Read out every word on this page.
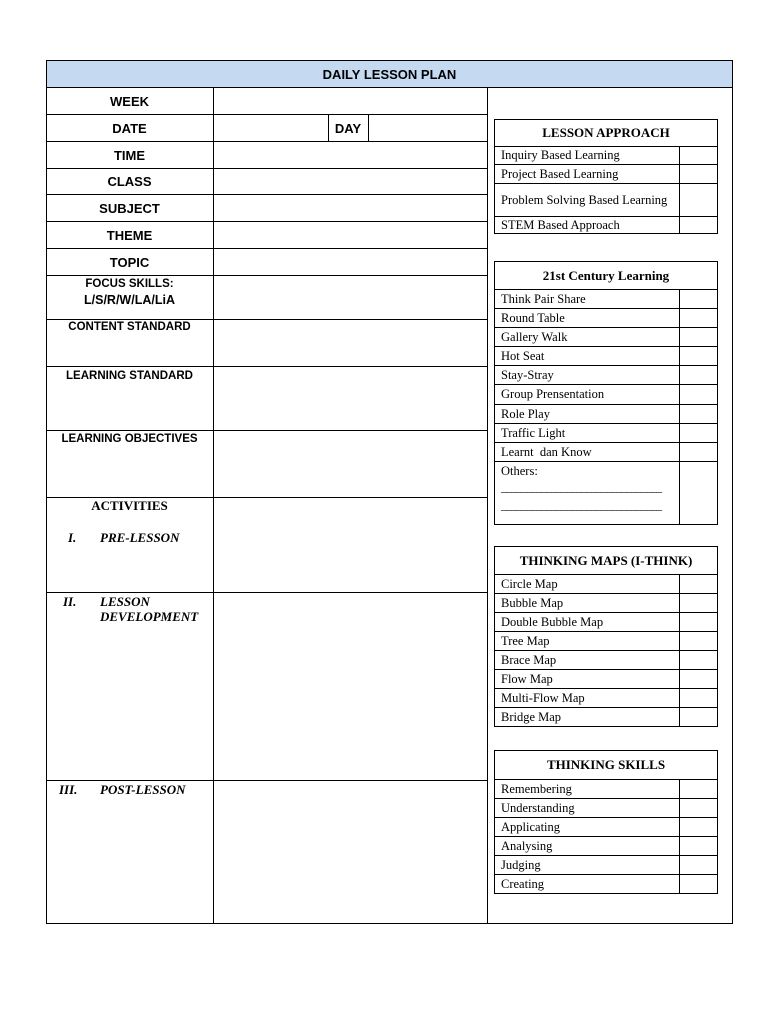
DAILY LESSON PLAN
WEEK
DATE	DAY
TIME
CLASS
SUBJECT
THEME
TOPIC
FOCUS SKILLS:
L/S/R/W/LA/LiA
CONTENT STANDARD
LEARNING STANDARD
LEARNING OBJECTIVES
ACTIVITIES
I. PRE-LESSON
II. LESSON
DEVELOPMENT
III. POST-LESSON
LESSON APPROACH
Inquiry Based Learning
Project Based Learning
Problem Solving Based Learning
STEM Based Approach
21st Century Learning
Think Pair Share
Round Table
Gallery Walk
Hot Seat
Stay-Stray
Group Prensentation
Role Play
Traffic Light
Learnt  dan Know
Others:
________________________________
________________________________
THINKING MAPS (I-THINK)
Circle Map
Bubble Map
Double Bubble Map
Tree Map
Brace Map
Flow Map
Multi-Flow Map
Bridge Map
THINKING SKILLS
Remembering
Understanding
Applicating
Analysing
Judging
Creating
